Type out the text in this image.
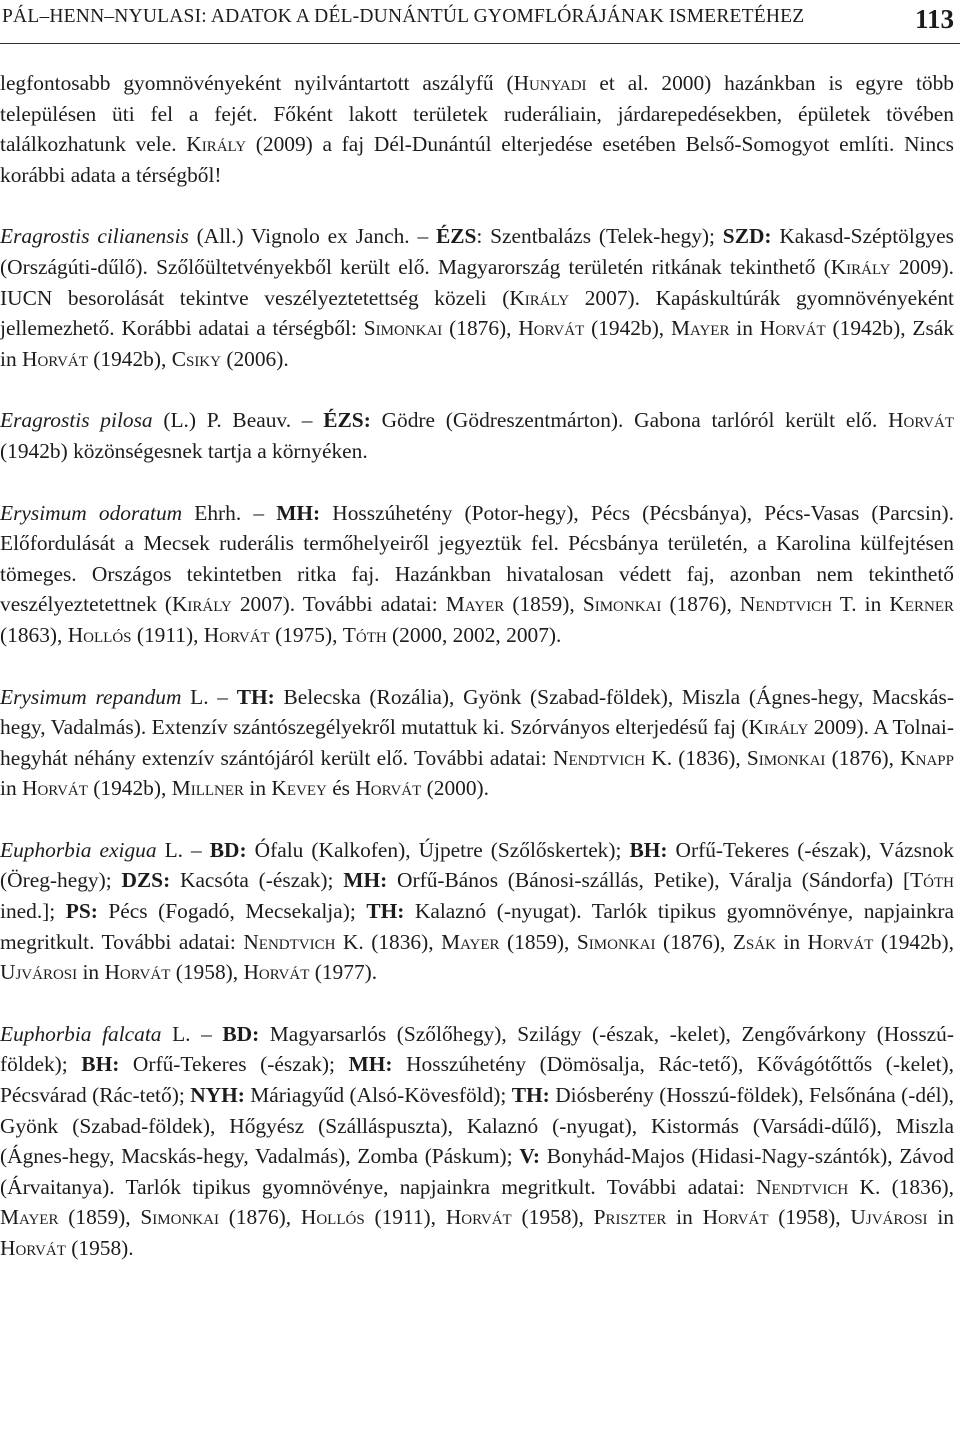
PÁL–HENN–NYULASI: ADATOK A DÉL-DUNÁNTÚL GYOMFLÓRÁJÁNAK ISMERETÉHEZ	113

legfontosabb gyomnövényeként nyilvántartott aszályfű (Hunyadi et al. 2000) hazánkban is egyre több településen üti fel a fejét. Főként lakott területek ruderáliain, járdarepedésekben, épületek tövében találkozhatunk vele. Király (2009) a faj Dél-Dunántúl elterjedése esetében Belső-Somogyot említi. Nincs korábbi adata a térségből!

Eragrostis cilianensis (All.) Vignolo ex Janch. – ÉZS: Szentbalázs (Telek-hegy); SZD: Kakasd-Széptölgyes (Országúti-dűlő). Szőlőültetvényekből került elő. Magyarország területén ritkának tekinthető (Király 2009). IUCN besorolását tekintve veszélyeztetettség közeli (Király 2007). Kapáskultúrák gyomnövényeként jellemezhető. Korábbi adatai a térségből: Simonkai (1876), Horvát (1942b), Mayer in Horvát (1942b), Zsák in Horvát (1942b), Csiky (2006).

Eragrostis pilosa (L.) P. Beauv. – ÉZS: Gödre (Gödreszentmárton). Gabona tarlóról került elő. Horvát (1942b) közönségesnek tartja a környéken.

Erysimum odoratum Ehrh. – MH: Hosszúhetény (Potor-hegy), Pécs (Pécsbánya), Pécs-Vasas (Parcsin). Előfordulását a Mecsek ruderális termőhelyeiről jegyeztük fel. Pécsbánya területén, a Karolina külfejtésen tömeges. Országos tekintetben ritka faj. Hazánkban hivatalosan védett faj, azonban nem tekinthető veszélyeztetettnek (Király 2007). További adatai: Mayer (1859), Simonkai (1876), Nendtvich T. in Kerner (1863), Hollós (1911), Horvát (1975), Tóth (2000, 2002, 2007).

Erysimum repandum L. – TH: Belecska (Rozália), Gyönk (Szabad-földek), Miszla (Ágnes-hegy, Macskás-hegy, Vadalmás). Extenzív szántószegélyekről mutattuk ki. Szórványos elterjedésű faj (Király 2009). A Tolnai-hegyhát néhány extenzív szántójáról került elő. További adatai: Nendtvich K. (1836), Simonkai (1876), Knapp in Horvát (1942b), Millner in Kevey és Horvát (2000).

Euphorbia exigua L. – BD: Ófalu (Kalkofen), Újpetre (Szőlőskertek); BH: Orfű-Tekeres (-észak), Vázsnok (Öreg-hegy); DZS: Kacsóta (-észak); MH: Orfű-Bános (Bánosi-szállás, Petike), Váralja (Sándorfa) [Tóth ined.]; PS: Pécs (Fogadó, Mecsekalja); TH: Kalaznó (-nyugat). Tarlók tipikus gyomnövénye, napjainkra megritkult. További adatai: Nendtvich K. (1836), Mayer (1859), Simonkai (1876), Zsák in Horvát (1942b), Ujvárosi in Horvát (1958), Horvát (1977).

Euphorbia falcata L. – BD: Magyarsarlós (Szőlőhegy), Szilágy (-észak, -kelet), Zengővárkony (Hosszú-földek); BH: Orfű-Tekeres (-észak); MH: Hosszúhetény (Dömösalja, Rác-tető), Kővágótőttős (-kelet), Pécsvárad (Rác-tető); NYH: Máriagyűd (Alsó-Kövesföld); TH: Diósberény (Hosszú-földek), Felsőnána (-dél), Gyönk (Szabad-földek), Hőgyész (Szálláspuszta), Kalaznó (-nyugat), Kistormás (Varsádi-dűlő), Miszla (Ágnes-hegy, Macskás-hegy, Vadalmás), Zomba (Páskum); V: Bonyhád-Majos (Hidasi-Nagy-szántók), Závod (Árvaitanya). Tarlók tipikus gyomnövénye, napjainkra megritkult. További adatai: Nendtvich K. (1836), Mayer (1859), Simonkai (1876), Hollós (1911), Horvát (1958), Priszter in Horvát (1958), Ujvárosi in Horvát (1958).
